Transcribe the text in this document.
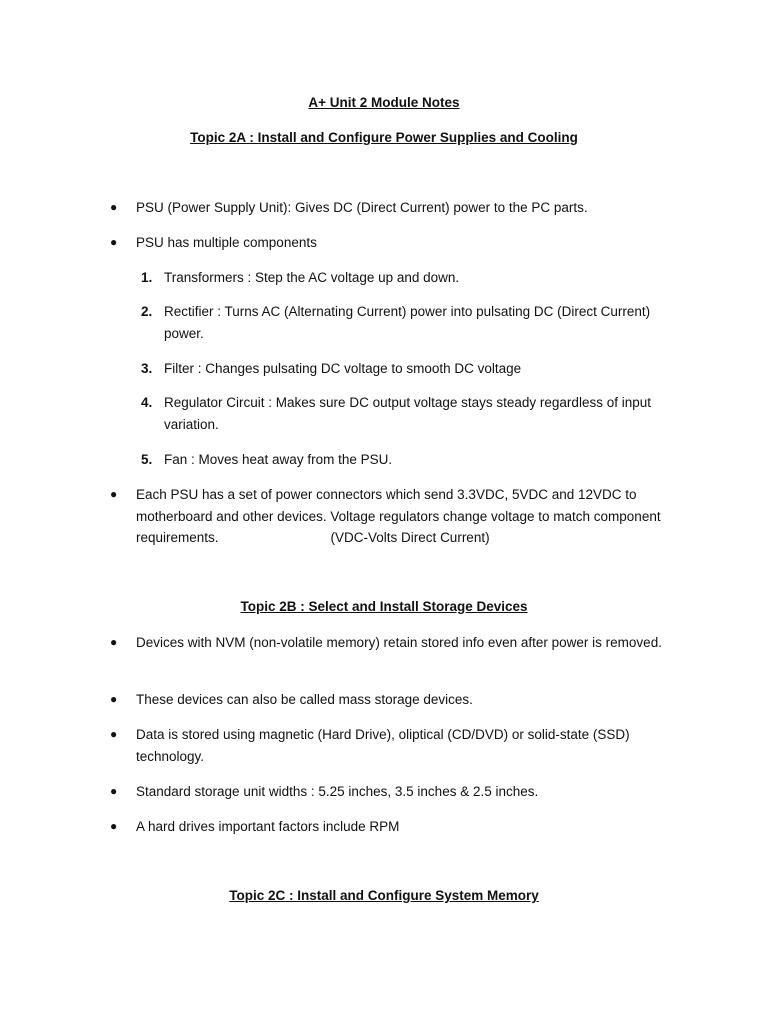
A+ Unit 2 Module Notes
Topic 2A : Install and Configure Power Supplies and Cooling
● PSU (Power Supply Unit): Gives DC (Direct Current) power to the PC parts.
● PSU has multiple components
1. Transformers : Step the AC voltage up and down.
2. Rectifier : Turns AC (Alternating Current) power into pulsating DC (Direct Current) power.
3. Filter : Changes pulsating DC voltage to smooth DC voltage
4. Regulator Circuit : Makes sure DC output voltage stays steady regardless of input variation.
5. Fan : Moves heat away from the PSU.
● Each PSU has a set of power connectors which send 3.3VDC, 5VDC and 12VDC to motherboard and other devices. Voltage regulators change voltage to match component requirements.	(VDC-Volts Direct Current)
Topic 2B : Select and Install Storage Devices
● Devices with NVM (non-volatile memory) retain stored info even after power is removed.
● These devices can also be called mass storage devices.
● Data is stored using magnetic (Hard Drive), oliptical (CD/DVD) or solid-state (SSD) technology.
● Standard storage unit widths : 5.25 inches, 3.5 inches & 2.5 inches.
● A hard drives important factors include RPM
Topic 2C : Install and Configure System Memory
